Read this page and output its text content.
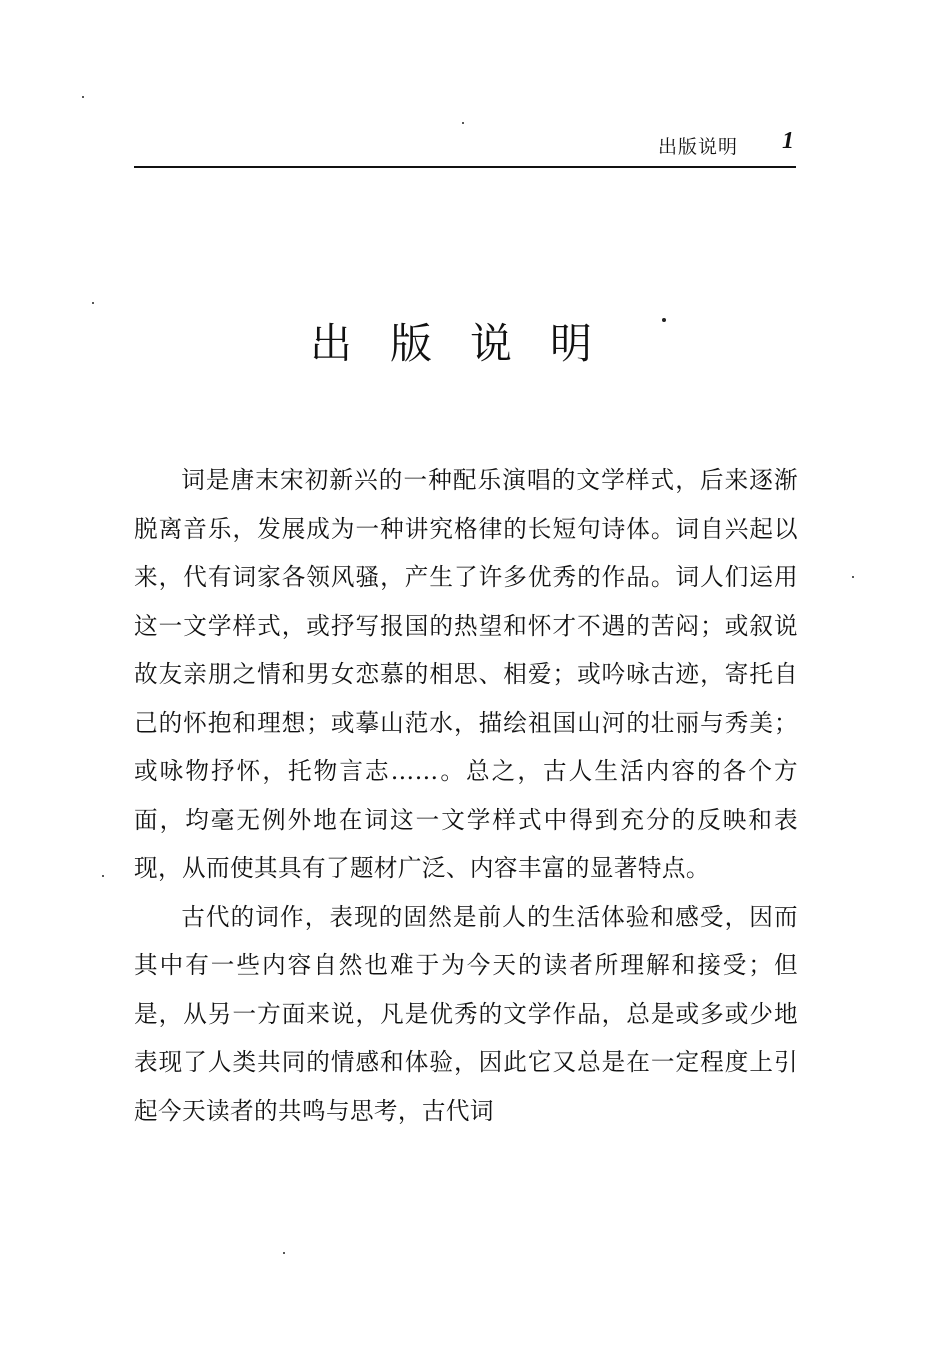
出版说明 1
出版说明

词是唐末宋初新兴的一种配乐演唱的文学样式，后来逐渐脱离音乐，发展成为一种讲究格律的长短句诗体。词自兴起以来，代有词家各领风骚，产生了许多优秀的作品。词人们运用这一文学样式，或抒写报国的热望和怀才不遇的苦闷；或叙说故友亲朋之情和男女恋慕的相思、相爱；或吟咏古迹，寄托自己的怀抱和理想；或摹山范水，描绘祖国山河的壮丽与秀美；或咏物抒怀，托物言志……。总之，古人生活内容的各个方面，均毫无例外地在词这一文学样式中得到充分的反映和表现，从而使其具有了题材广泛、内容丰富的显著特点。

古代的词作，表现的固然是前人的生活体验和感受，因而其中有一些内容自然也难于为今天的读者所理解和接受；但是，从另一方面来说，凡是优秀的文学作品，总是或多或少地表现了人类共同的情感和体验，因此它又总是在一定程度上引起今天读者的共鸣与思考，古代词
